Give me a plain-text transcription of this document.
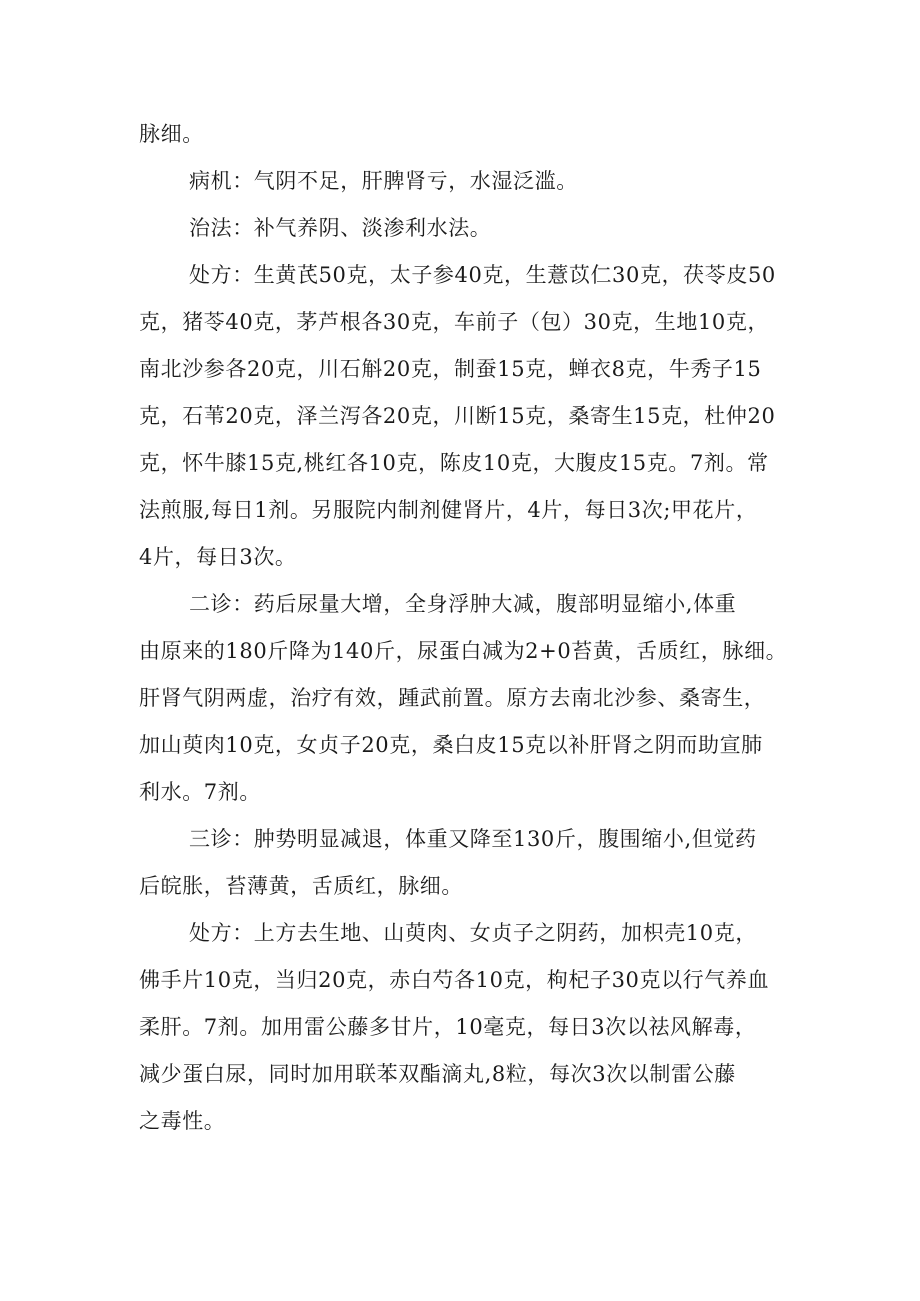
脉细。
病机：气阴不足，肝脾肾亏，水湿泛滥。
治法：补气养阴、淡渗利水法。
处方：生黄芪50克，太子参40克，生薏苡仁30克，茯苓皮50
克，猪苓40克，茅芦根各30克，车前子（包）30克，生地10克，
南北沙参各20克，川石斛20克，制蚕15克，蝉衣8克，牛秀子15
克，石苇20克，泽兰泻各20克，川断15克，桑寄生15克，杜仲20
克，怀牛膝15克,桃红各10克，陈皮10克，大腹皮15克。7剂。常
法煎服,每日1剂。另服院内制剂健肾片，4片，每日3次;甲花片，
4片，每日3次。
二诊：药后尿量大增，全身浮肿大减，腹部明显缩小,体重
由原来的180斤降为140斤，尿蛋白减为2+0苔黄，舌质红，脉细。
肝肾气阴两虚，治疗有效，踵武前置。原方去南北沙参、桑寄生，
加山萸肉10克，女贞子20克，桑白皮15克以补肝肾之阴而助宣肺
利水。7剂。
三诊：肿势明显减退，体重又降至130斤，腹围缩小,但觉药
后皖胀，苔薄黄，舌质红，脉细。
处方：上方去生地、山萸肉、女贞子之阴药，加枳壳10克，
佛手片10克，当归20克，赤白芍各10克，枸杞子30克以行气养血
柔肝。7剂。加用雷公藤多甘片，10毫克，每日3次以祛风解毒，
减少蛋白尿，同时加用联苯双酯滴丸,8粒，每次3次以制雷公藤
之毒性。
